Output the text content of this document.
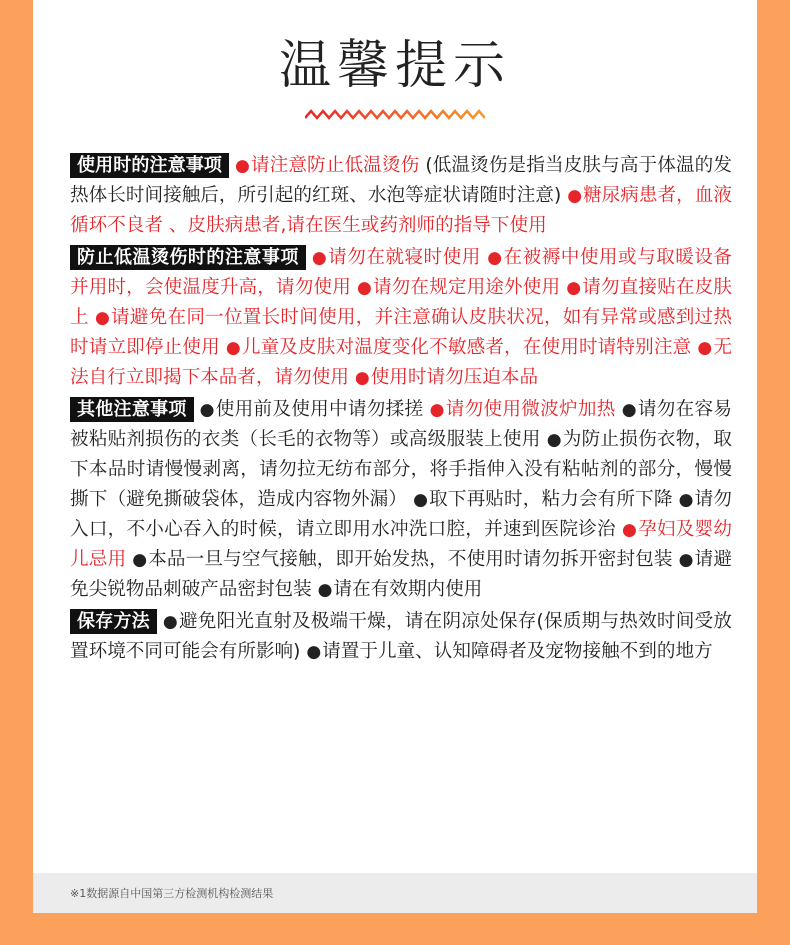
温馨提示
使用时的注意事项 ●请注意防止低温烫伤 (低温烫伤是指当皮肤与高于体温的发热体长时间接触后，所引起的红斑、水泡等症状请随时注意) ●糖尿病患者，血液循环不良者 、皮肤病患者,请在医生或药剂师的指导下使用
防止低温烫伤时的注意事项 ●请勿在就寝时使用 ●在被褥中使用或与取暖设备并用时，会使温度升高，请勿使用 ●请勿在规定用途外使用 ●请勿直接贴在皮肤上 ●请避免在同一位置长时间使用，并注意确认皮肤状况，如有异常或感到过热时请立即停止使用 ●儿童及皮肤对温度变化不敏感者，在使用时请特别注意 ●无法自行立即揭下本品者，请勿使用 ●使用时请勿压迫本品
其他注意事项 ●使用前及使用中请勿揉搓 ●请勿使用微波炉加热 ●请勿在容易被粘贴剂损伤的衣类（长毛的衣物等）或高级服装上使用 ●为防止损伤衣物，取下本品时请慢慢剥离，请勿拉无纺布部分，将手指伸入没有粘帖剂的部分，慢慢撕下（避免撕破袋体，造成内容物外漏） ●取下再贴时，粘力会有所下降 ●请勿入口，不小心吞入的时候，请立即用水冲洗口腔，并速到医院诊治 ●孕妇及婴幼儿忌用 ●本品一旦与空气接触，即开始发热，不使用时请勿拆开密封包装 ●请避免尖锐物品刺破产品密封包装 ●请在有效期内使用
保存方法 ●避免阳光直射及极端干燥，请在阴凉处保存(保质期与热效时间受放置环境不同可能会有所影响) ●请置于儿童、认知障碍者及宠物接触不到的地方
※1数据源自中国第三方检测机构检测结果
